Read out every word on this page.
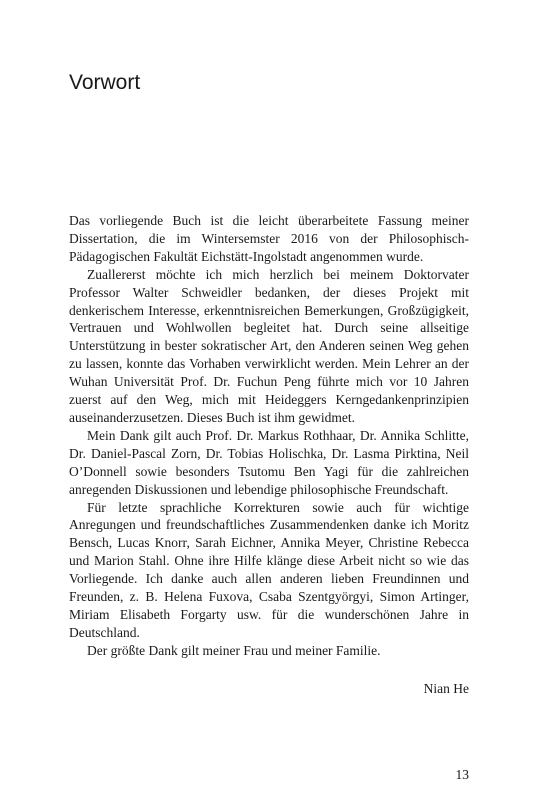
Vorwort

Das vorliegende Buch ist die leicht überarbeitete Fassung meiner Dissertation, die im Wintersemster 2016 von der Philosophisch-Pädagogischen Fakultät Eichstätt-Ingolstadt angenommen wurde.

Zuallererst möchte ich mich herzlich bei meinem Doktorvater Professor Walter Schweidler bedanken, der dieses Projekt mit denkerischem Interesse, erkenntnisreichen Bemerkungen, Großzügigkeit, Vertrauen und Wohlwollen begleitet hat. Durch seine allseitige Unterstützung in bester sokratischer Art, den Anderen seinen Weg gehen zu lassen, konnte das Vorhaben verwirklicht werden. Mein Lehrer an der Wuhan Universität Prof. Dr. Fuchun Peng führte mich vor 10 Jahren zuerst auf den Weg, mich mit Heideggers Kerngedankenprinzipien auseinanderzusetzen. Dieses Buch ist ihm gewidmet.

Mein Dank gilt auch Prof. Dr. Markus Rothhaar, Dr. Annika Schlitte, Dr. Daniel-Pascal Zorn, Dr. Tobias Holischka, Dr. Lasma Pirktina, Neil O’Donnell sowie besonders Tsutomu Ben Yagi für die zahlreichen anregenden Diskussionen und lebendige philosophische Freundschaft.

Für letzte sprachliche Korrekturen sowie auch für wichtige Anregungen und freundschaftliches Zusammendenken danke ich Moritz Bensch, Lucas Knorr, Sarah Eichner, Annika Meyer, Christine Rebecca und Marion Stahl. Ohne ihre Hilfe klänge diese Arbeit nicht so wie das Vorliegende. Ich danke auch allen anderen lieben Freundinnen und Freunden, z. B. Helena Fuxova, Csaba Szentgyörgyi, Simon Artinger, Miriam Elisabeth Forgarty usw. für die wunderschönen Jahre in Deutschland.

Der größte Dank gilt meiner Frau und meiner Familie.

Nian He
13
